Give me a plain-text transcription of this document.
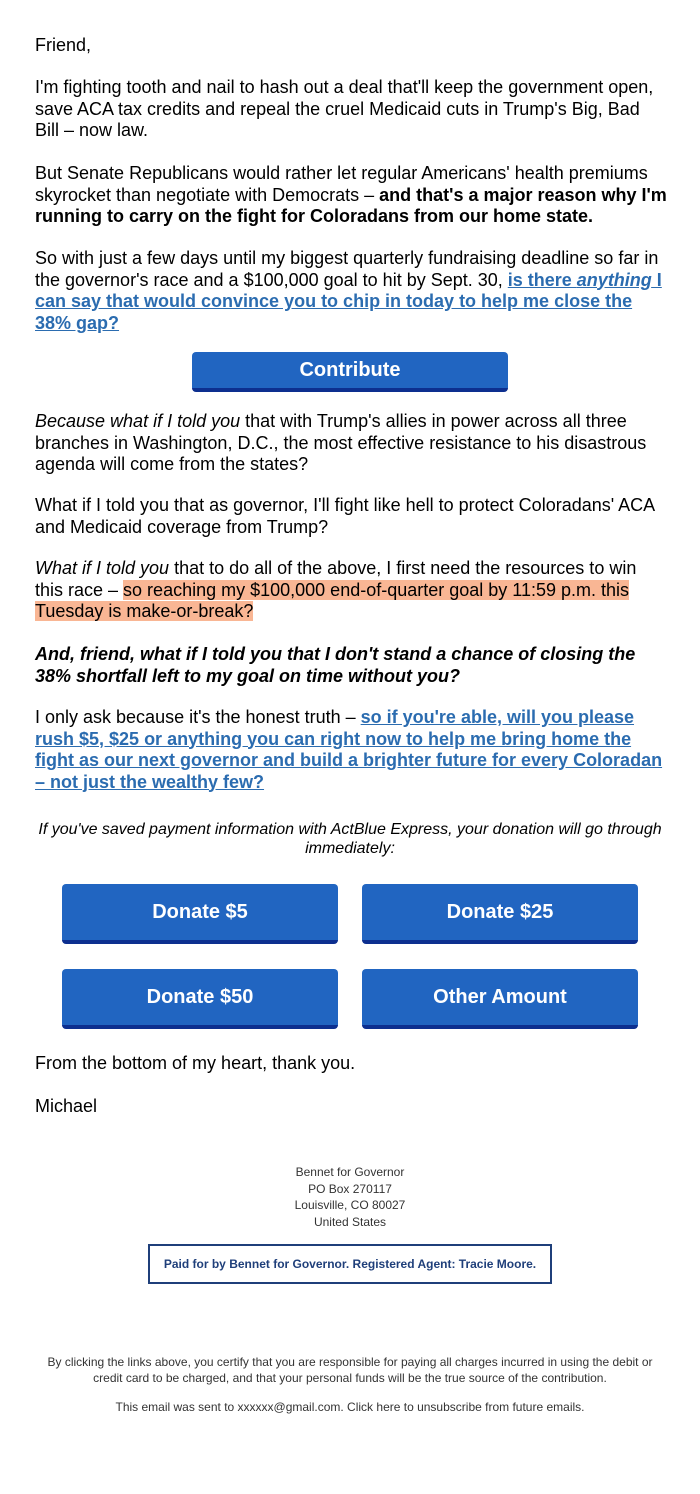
Friend,

I'm fighting tooth and nail to hash out a deal that'll keep the government open, save ACA tax credits and repeal the cruel Medicaid cuts in Trump's Big, Bad Bill – now law.

But Senate Republicans would rather let regular Americans' health premiums skyrocket than negotiate with Democrats – and that's a major reason why I'm running to carry on the fight for Coloradans from our home state.

So with just a few days until my biggest quarterly fundraising deadline so far in the governor's race and a $100,000 goal to hit by Sept. 30, is there anything I can say that would convince you to chip in today to help me close the 38% gap?

Contribute

Because what if I told you that with Trump's allies in power across all three branches in Washington, D.C., the most effective resistance to his disastrous agenda will come from the states?

What if I told you that as governor, I'll fight like hell to protect Coloradans' ACA and Medicaid coverage from Trump?

What if I told you that to do all of the above, I first need the resources to win this race – so reaching my $100,000 end-of-quarter goal by 11:59 p.m. this Tuesday is make-or-break?

And, friend, what if I told you that I don't stand a chance of closing the 38% shortfall left to my goal on time without you?

I only ask because it's the honest truth – so if you're able, will you please rush $5, $25 or anything you can right now to help me bring home the fight as our next governor and build a brighter future for every Coloradan – not just the wealthy few?

If you've saved payment information with ActBlue Express, your donation will go through immediately:
Donate $5	Donate $25
Donate $50	Other Amount

From the bottom of my heart, thank you.

Michael

Bennet for Governor
PO Box 270117
Louisville, CO 80027
United States
Paid for by Bennet for Governor. Registered Agent: Tracie Moore.
By clicking the links above, you certify that you are responsible for paying all charges incurred in using the debit or credit card to be charged, and that your personal funds will be the true source of the contribution.
This email was sent to xxxxxx@gmail.com. Click here to unsubscribe from future emails.
